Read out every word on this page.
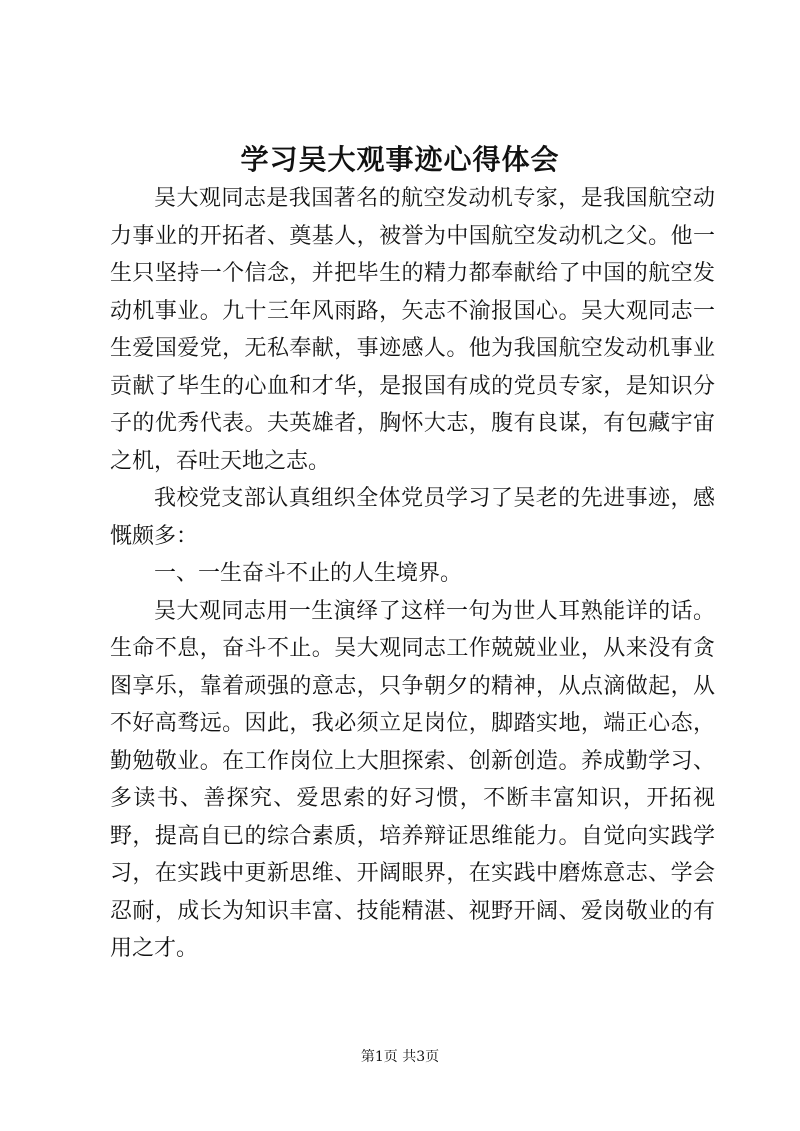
学习吴大观事迹心得体会

吴大观同志是我国著名的航空发动机专家，是我国航空动力事业的开拓者、奠基人，被誉为中国航空发动机之父。他一生只坚持一个信念，并把毕生的精力都奉献给了中国的航空发动机事业。九十三年风雨路，矢志不渝报国心。吴大观同志一生爱国爱党，无私奉献，事迹感人。他为我国航空发动机事业贡献了毕生的心血和才华，是报国有成的党员专家，是知识分子的优秀代表。夫英雄者，胸怀大志，腹有良谋，有包藏宇宙之机，吞吐天地之志。

我校党支部认真组织全体党员学习了吴老的先进事迹，感慨颇多：

一、一生奋斗不止的人生境界。

吴大观同志用一生演绎了这样一句为世人耳熟能详的话。生命不息，奋斗不止。吴大观同志工作兢兢业业，从来没有贪图享乐，靠着顽强的意志，只争朝夕的精神，从点滴做起，从不好高骛远。因此，我必须立足岗位，脚踏实地，端正心态，勤勉敬业。在工作岗位上大胆探索、创新创造。养成勤学习、多读书、善探究、爱思索的好习惯，不断丰富知识，开拓视野，提高自已的综合素质，培养辩证思维能力。自觉向实践学习，在实践中更新思维、开阔眼界，在实践中磨炼意志、学会忍耐，成长为知识丰富、技能精湛、视野开阔、爱岗敬业的有用之才。

第1页 共3页
